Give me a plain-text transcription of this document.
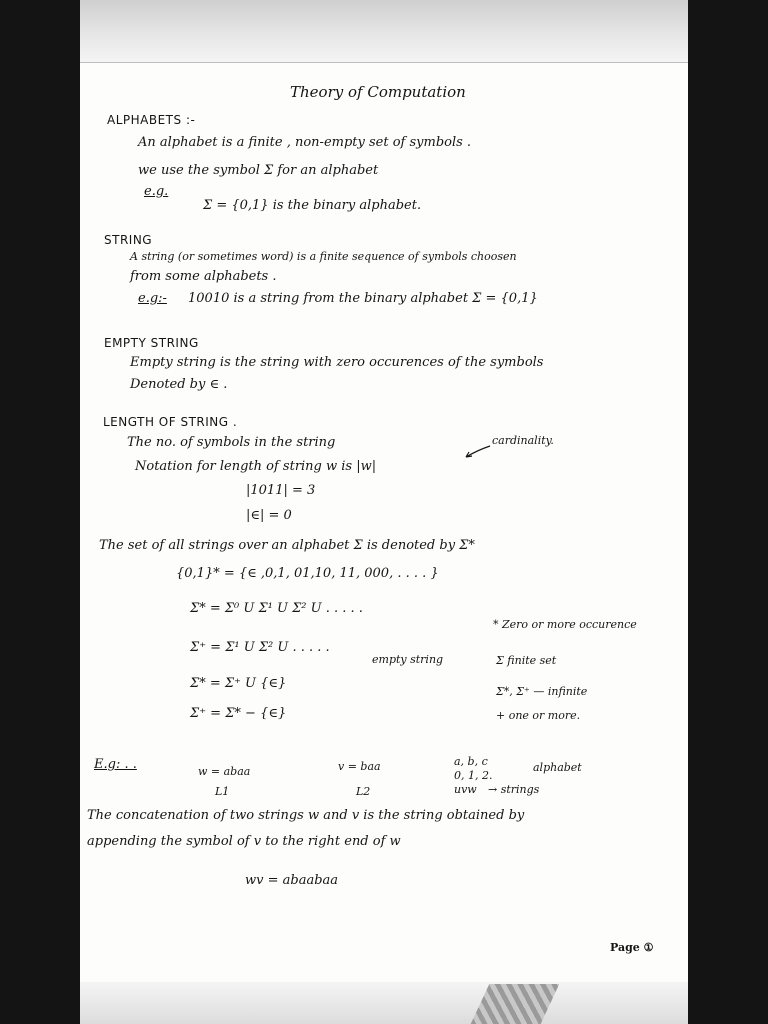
Theory of Computation
ALPHABETS :-
An alphabet is a finite , non-empty set of symbols .
we use the symbol Σ for an alphabet
e.g.
Σ = {0,1} is the binary alphabet.
STRING
A string (or sometimes word) is a finite sequence of symbols choosen
from some alphabets .
e.g:- 10010 is a string from the binary alphabet Σ = {0,1}
EMPTY STRING
Empty string is the string with zero occurences of the symbols
Denoted by ∈ .
LENGTH OF STRING .
The no. of symbols in the string
Notation for length of string w is |w|
cardinality.
|1011| = 3
|∈| = 0
The set of all strings over an alphabet Σ is denoted by Σ*
{0,1}* = {∈ ,0,1, 01,10, 11, 000, . . . . }
Σ* = Σ⁰ U Σ¹ U Σ² U . . . . .
Σ⁺ = Σ¹ U Σ² U . . . . .
Σ* = Σ⁺ U {∈}
empty string
Σ⁺ = Σ* − {∈}
* Zero or more occurence
Σ finite set
Σ*, Σ⁺ — infinite
+ one or more.
E.g: . .	w = abaa	v = baa
L1	L2
a, b, c
0, 1, 2.
alphabet
uvw → strings
The concatenation of two strings w and v is the string obtained by
appending the symbol of v to the right end of w
wv = abaabaa
Page ①
